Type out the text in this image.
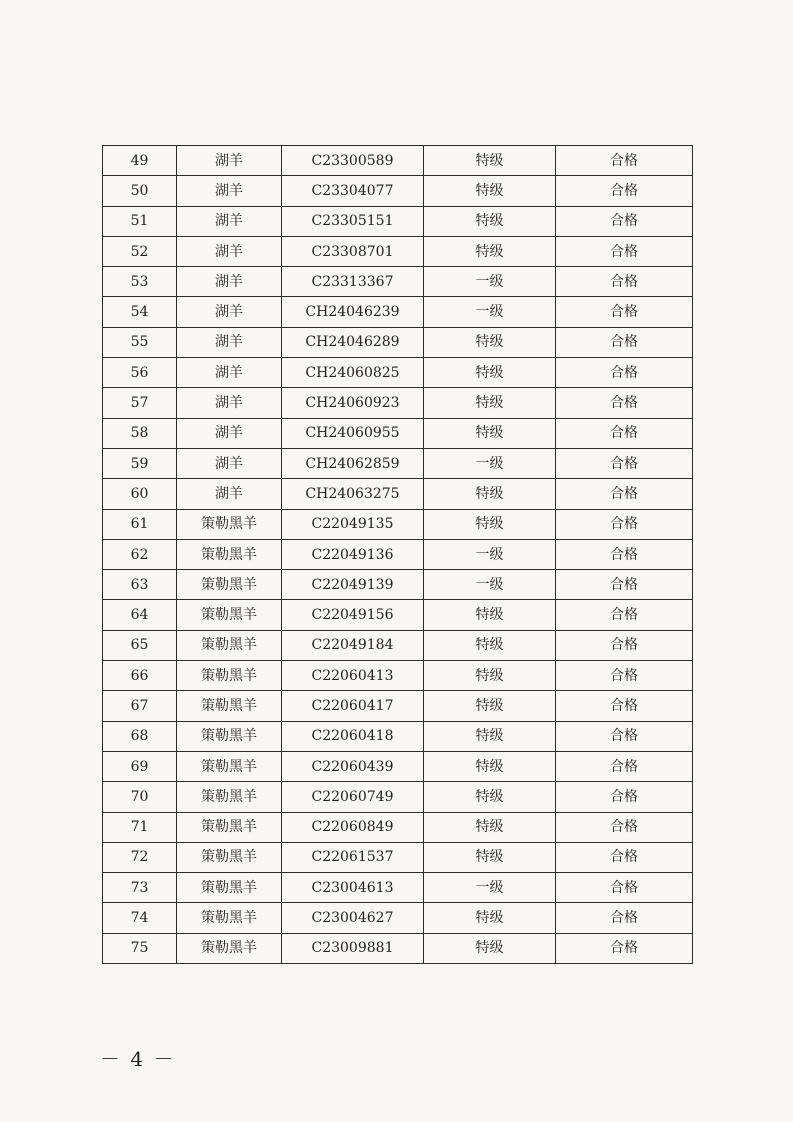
49	湖羊	C23300589	特级	合格
50	湖羊	C23304077	特级	合格
51	湖羊	C23305151	特级	合格
52	湖羊	C23308701	特级	合格
53	湖羊	C23313367	一级	合格
54	湖羊	CH24046239	一级	合格
55	湖羊	CH24046289	特级	合格
56	湖羊	CH24060825	特级	合格
57	湖羊	CH24060923	特级	合格
58	湖羊	CH24060955	特级	合格
59	湖羊	CH24062859	一级	合格
60	湖羊	CH24063275	特级	合格
61	策勒黑羊	C22049135	特级	合格
62	策勒黑羊	C22049136	一级	合格
63	策勒黑羊	C22049139	一级	合格
64	策勒黑羊	C22049156	特级	合格
65	策勒黑羊	C22049184	特级	合格
66	策勒黑羊	C22060413	特级	合格
67	策勒黑羊	C22060417	特级	合格
68	策勒黑羊	C22060418	特级	合格
69	策勒黑羊	C22060439	特级	合格
70	策勒黑羊	C22060749	特级	合格
71	策勒黑羊	C22060849	特级	合格
72	策勒黑羊	C22061537	特级	合格
73	策勒黑羊	C23004613	一级	合格
74	策勒黑羊	C23004627	特级	合格
75	策勒黑羊	C23009881	特级	合格
－ 4 －
